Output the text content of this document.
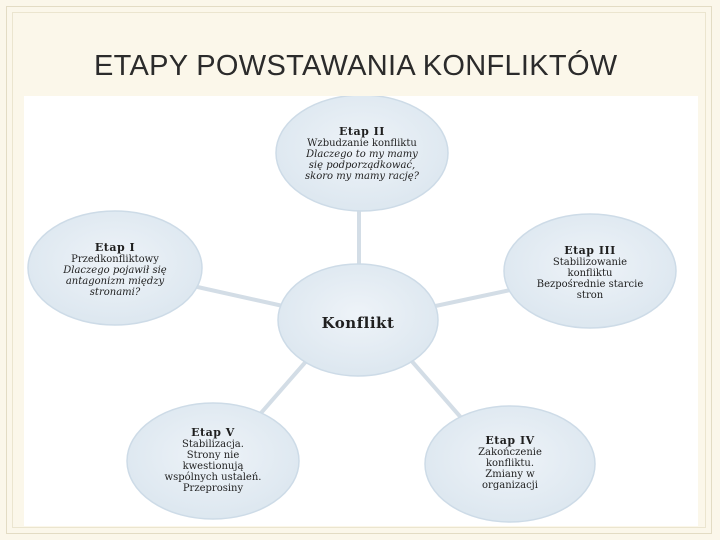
ETAPY POWSTAWANIA KONFLIKTÓW
Etap II
Wzbudzanie konfliktu
Dlaczego to my mamy
się podporządkować,
skoro my mamy rację?
Etap I
Przedkonfliktowy
Dlaczego pojawił się
antagonizm między
stronami?
Etap III
Stabilizowanie
konfliktu
Bezpośrednie starcie
stron
Konflikt
Etap V
Stabilizacja.
Strony nie
kwestionują
wspólnych ustaleń.
Przeprosiny
Etap IV
Zakończenie
konfliktu.
Zmiany w
organizacji
